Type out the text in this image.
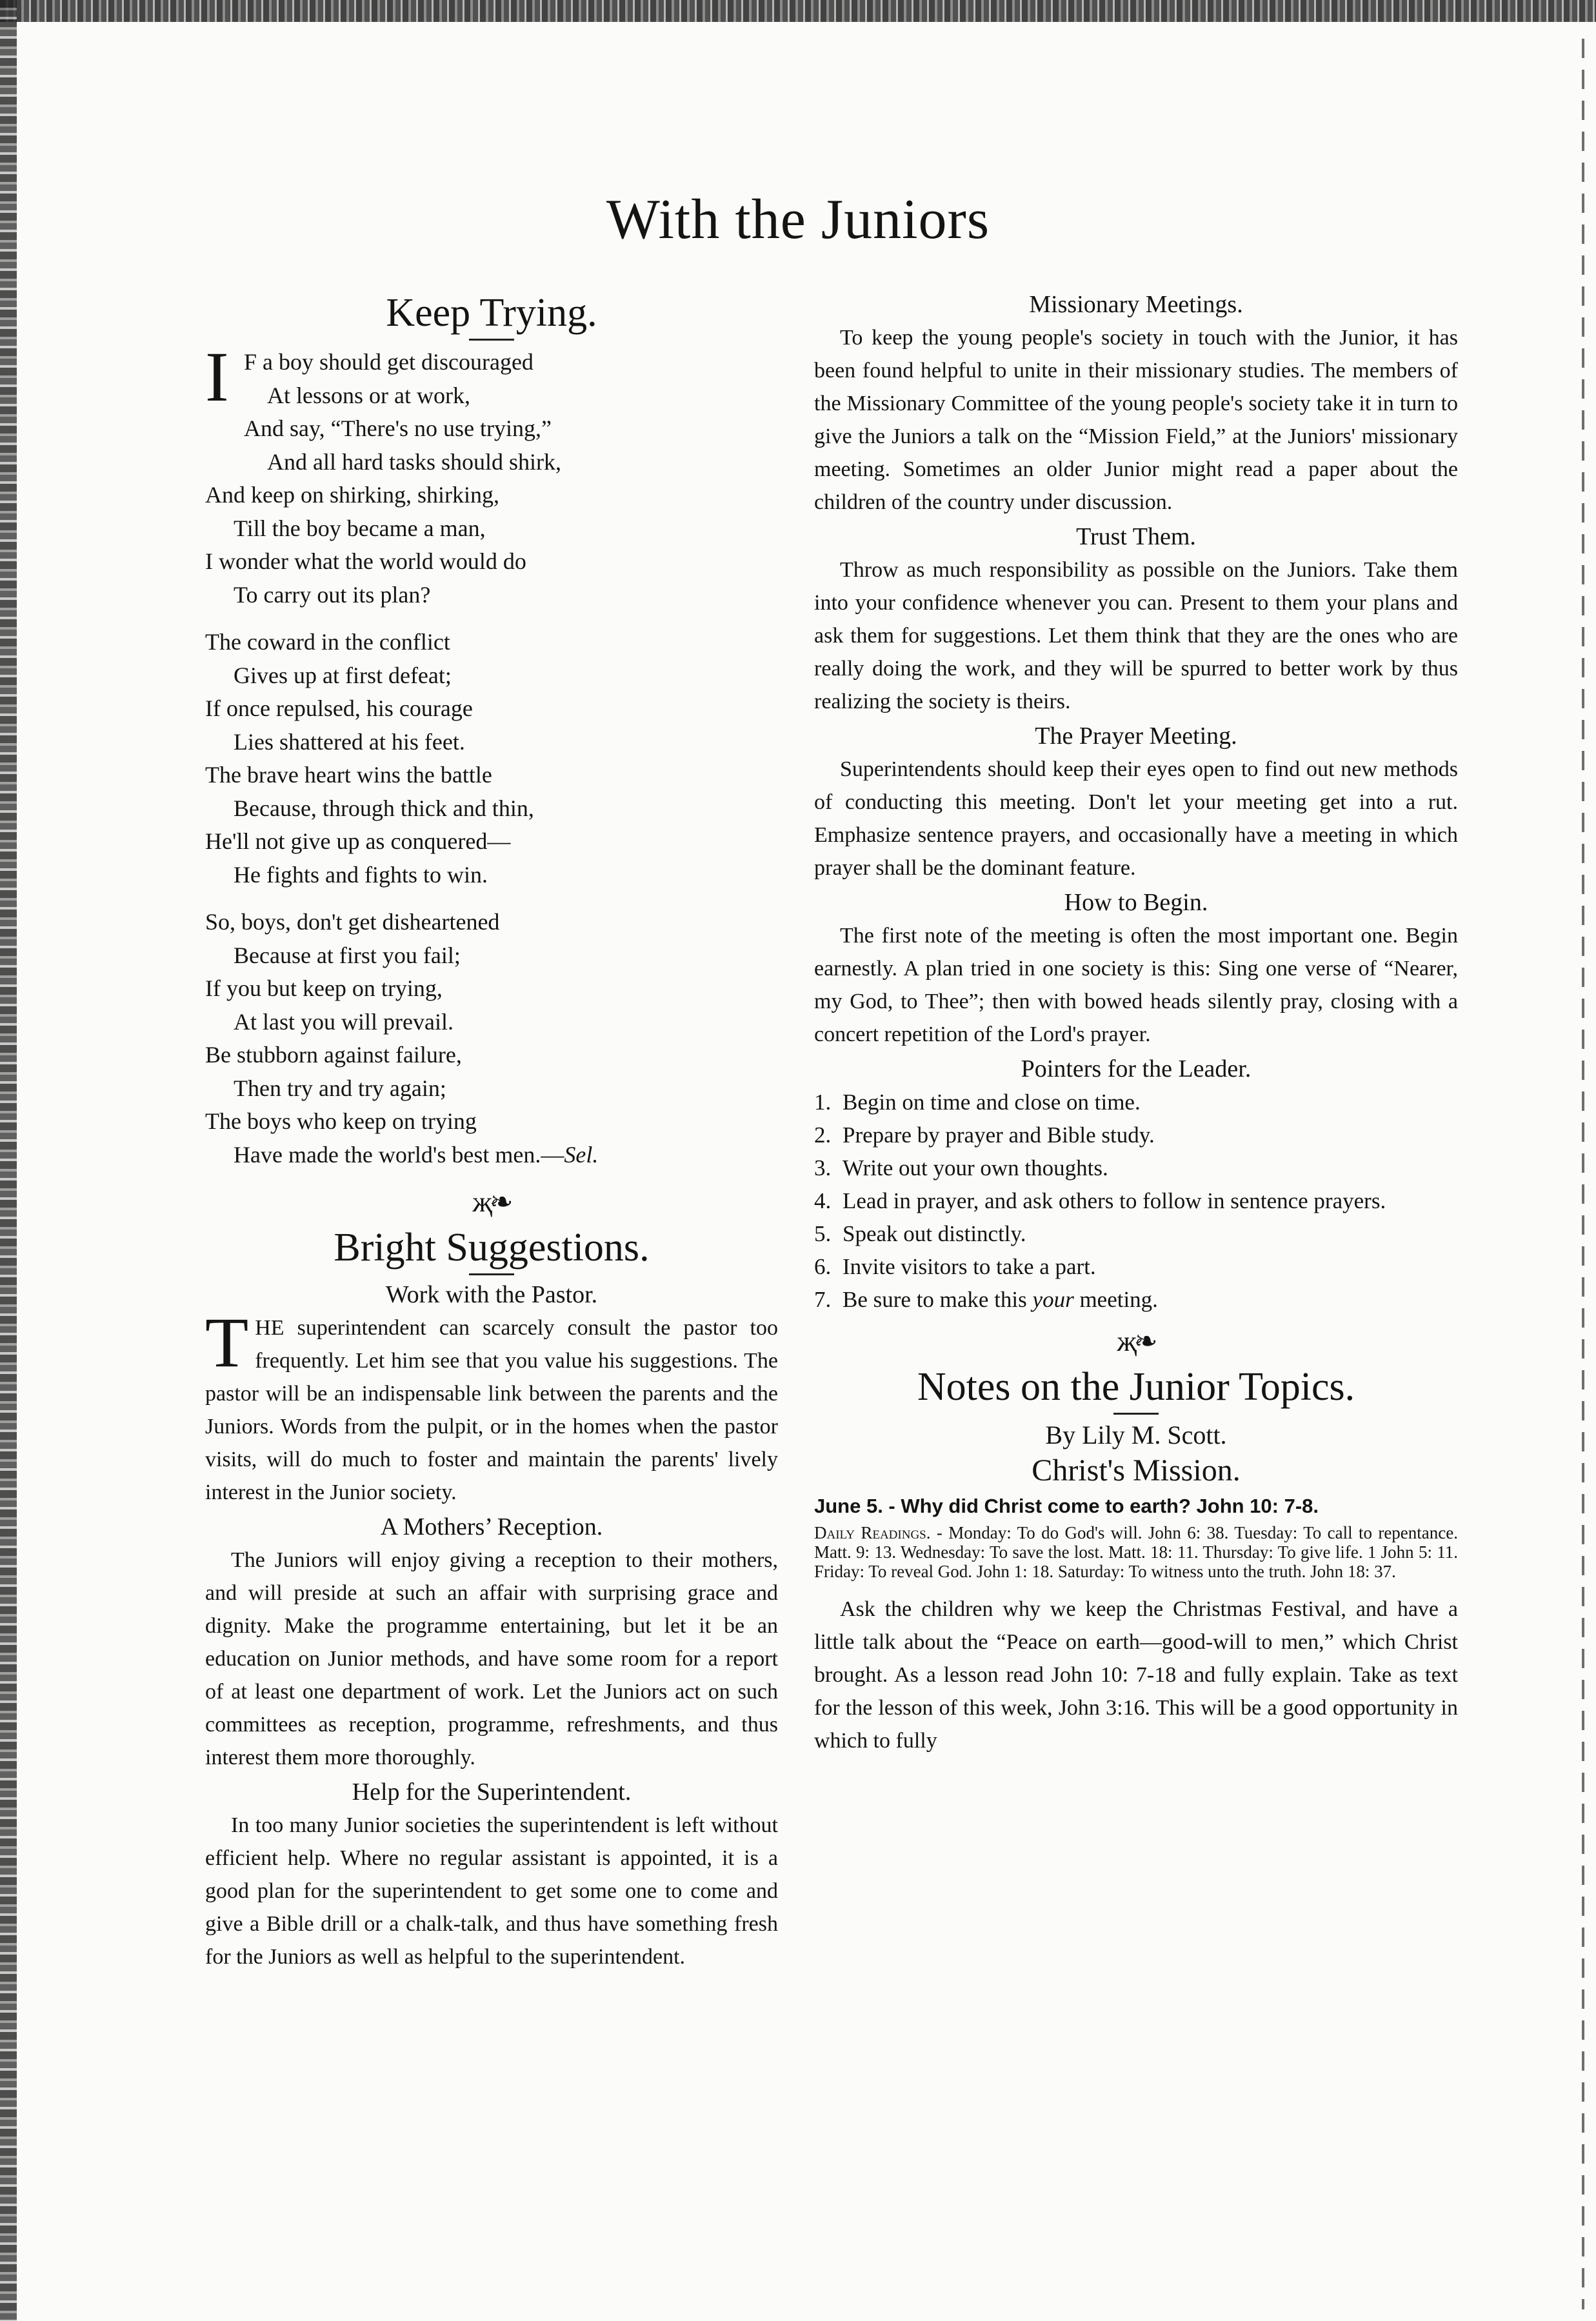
With the Juniors
Keep Trying.
I F a boy should get discouraged
At lessons or at work,
And say, “There's no use trying,”
And all hard tasks should shirk,
And keep on shirking, shirking,
Till the boy became a man,
I wonder what the world would do
To carry out its plan?
The coward in the conflict
Gives up at first defeat;
If once repulsed, his courage
Lies shattered at his feet.
The brave heart wins the battle
Because, through thick and thin,
He'll not give up as conquered—
He fights and fights to win.
So, boys, don't get disheartened
Because at first you fail;
If you but keep on trying,
At last you will prevail.
Be stubborn against failure,
Then try and try again;
The boys who keep on trying
Have made the world's best men.—Sel.
җ❧
Bright Suggestions.
Work with the Pastor.
T HE superintendent can scarcely consult the pastor too frequently. Let him see that you value his suggestions. The pastor will be an indispensable link between the parents and the Juniors. Words from the pulpit, or in the homes when the pastor visits, will do much to foster and maintain the parents' lively interest in the Junior society.

A Mothers’ Reception.

The Juniors will enjoy giving a reception to their mothers, and will preside at such an affair with surprising grace and dignity. Make the programme entertaining, but let it be an education on Junior methods, and have some room for a report of at least one department of work. Let the Juniors act on such committees as reception, programme, refreshments, and thus interest them more thoroughly.

Help for the Superintendent.

In too many Junior societies the superintendent is left without efficient help. Where no regular assistant is appointed, it is a good plan for the superintendent to get some one to come and give a Bible drill or a chalk-talk, and thus have something fresh for the Juniors as well as helpful to the superintendent.

Missionary Meetings.

To keep the young people's society in touch with the Junior, it has been found helpful to unite in their missionary studies. The members of the Missionary Committee of the young people's society take it in turn to give the Juniors a talk on the “Mission Field,” at the Juniors' missionary meeting. Sometimes an older Junior might read a paper about the children of the country under discussion.

Trust Them.

Throw as much responsibility as possible on the Juniors. Take them into your confidence whenever you can. Present to them your plans and ask them for suggestions. Let them think that they are the ones who are really doing the work, and they will be spurred to better work by thus realizing the society is theirs.

The Prayer Meeting.

Superintendents should keep their eyes open to find out new methods of conducting this meeting. Don't let your meeting get into a rut. Emphasize sentence prayers, and occasionally have a meeting in which prayer shall be the dominant feature.

How to Begin.

The first note of the meeting is often the most important one. Begin earnestly. A plan tried in one society is this: Sing one verse of “Nearer, my God, to Thee”; then with bowed heads silently pray, closing with a concert repetition of the Lord's prayer.

Pointers for the Leader.
1. Begin on time and close on time.
2. Prepare by prayer and Bible study.
3. Write out your own thoughts.
4. Lead in prayer, and ask others to follow in sentence prayers.
5. Speak out distinctly.
6. Invite visitors to take a part.
7. Be sure to make this your meeting.
җ❧
Notes on the Junior Topics.
By Lily M. Scott.
Christ's Mission.
June 5. - Why did Christ come to earth? John 10: 7-8.

Daily Readings. - Monday: To do God's will. John 6: 38. Tuesday: To call to repentance. Matt. 9: 13. Wednesday: To save the lost. Matt. 18: 11. Thursday: To give life. 1 John 5: 11. Friday: To reveal God. John 1: 18. Saturday: To witness unto the truth. John 18: 37.

Ask the children why we keep the Christmas Festival, and have a little talk about the “Peace on earth—good-will to men,” which Christ brought. As a lesson read John 10: 7-18 and fully explain. Take as text for the lesson of this week, John 3:16. This will be a good opportunity in which to fully
